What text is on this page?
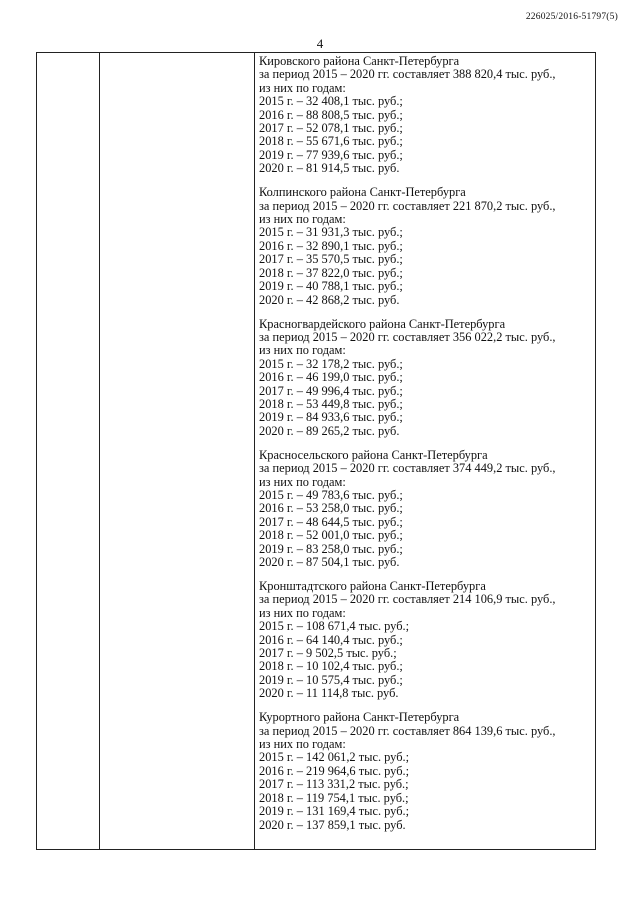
226025/2016-51797(5)
4
Кировского района Санкт-Петербурга
за период 2015 – 2020 гг. составляет 388 820,4 тыс. руб.,
из них по годам:
2015 г. – 32 408,1 тыс. руб.;
2016 г. – 88 808,5 тыс. руб.;
2017 г. – 52 078,1 тыс. руб.;
2018 г. – 55 671,6 тыс. руб.;
2019 г. – 77 939,6 тыс. руб.;
2020 г. – 81 914,5 тыс. руб.
Колпинского района Санкт-Петербурга
за период 2015 – 2020 гг. составляет 221 870,2 тыс. руб.,
из них по годам:
2015 г. – 31 931,3 тыс. руб.;
2016 г. – 32 890,1 тыс. руб.;
2017 г. – 35 570,5 тыс. руб.;
2018 г. – 37 822,0 тыс. руб.;
2019 г. – 40 788,1 тыс. руб.;
2020 г. – 42 868,2 тыс. руб.
Красногвардейского района Санкт-Петербурга
за период 2015 – 2020 гг. составляет 356 022,2 тыс. руб.,
из них по годам:
2015 г. – 32 178,2 тыс. руб.;
2016 г. – 46 199,0 тыс. руб.;
2017 г. – 49 996,4 тыс. руб.;
2018 г. – 53 449,8 тыс. руб.;
2019 г. – 84 933,6 тыс. руб.;
2020 г. – 89 265,2 тыс. руб.
Красносельского района Санкт-Петербурга
за период 2015 – 2020 гг. составляет 374 449,2 тыс. руб.,
из них по годам:
2015 г. – 49 783,6 тыс. руб.;
2016 г. – 53 258,0 тыс. руб.;
2017 г. – 48 644,5 тыс. руб.;
2018 г. – 52 001,0 тыс. руб.;
2019 г. – 83 258,0 тыс. руб.;
2020 г. – 87 504,1 тыс. руб.
Кронштадтского района Санкт-Петербурга
за период 2015 – 2020 гг. составляет 214 106,9 тыс. руб.,
из них по годам:
2015 г. – 108 671,4 тыс. руб.;
2016 г. – 64 140,4 тыс. руб.;
2017 г. – 9 502,5 тыс. руб.;
2018 г. – 10 102,4 тыс. руб.;
2019 г. – 10 575,4 тыс. руб.;
2020 г. – 11 114,8 тыс. руб.
Курортного района Санкт-Петербурга
за период 2015 – 2020 гг. составляет 864 139,6 тыс. руб.,
из них по годам:
2015 г. – 142 061,2 тыс. руб.;
2016 г. – 219 964,6 тыс. руб.;
2017 г. – 113 331,2 тыс. руб.;
2018 г. – 119 754,1 тыс. руб.;
2019 г. – 131 169,4 тыс. руб.;
2020 г. – 137 859,1 тыс. руб.
